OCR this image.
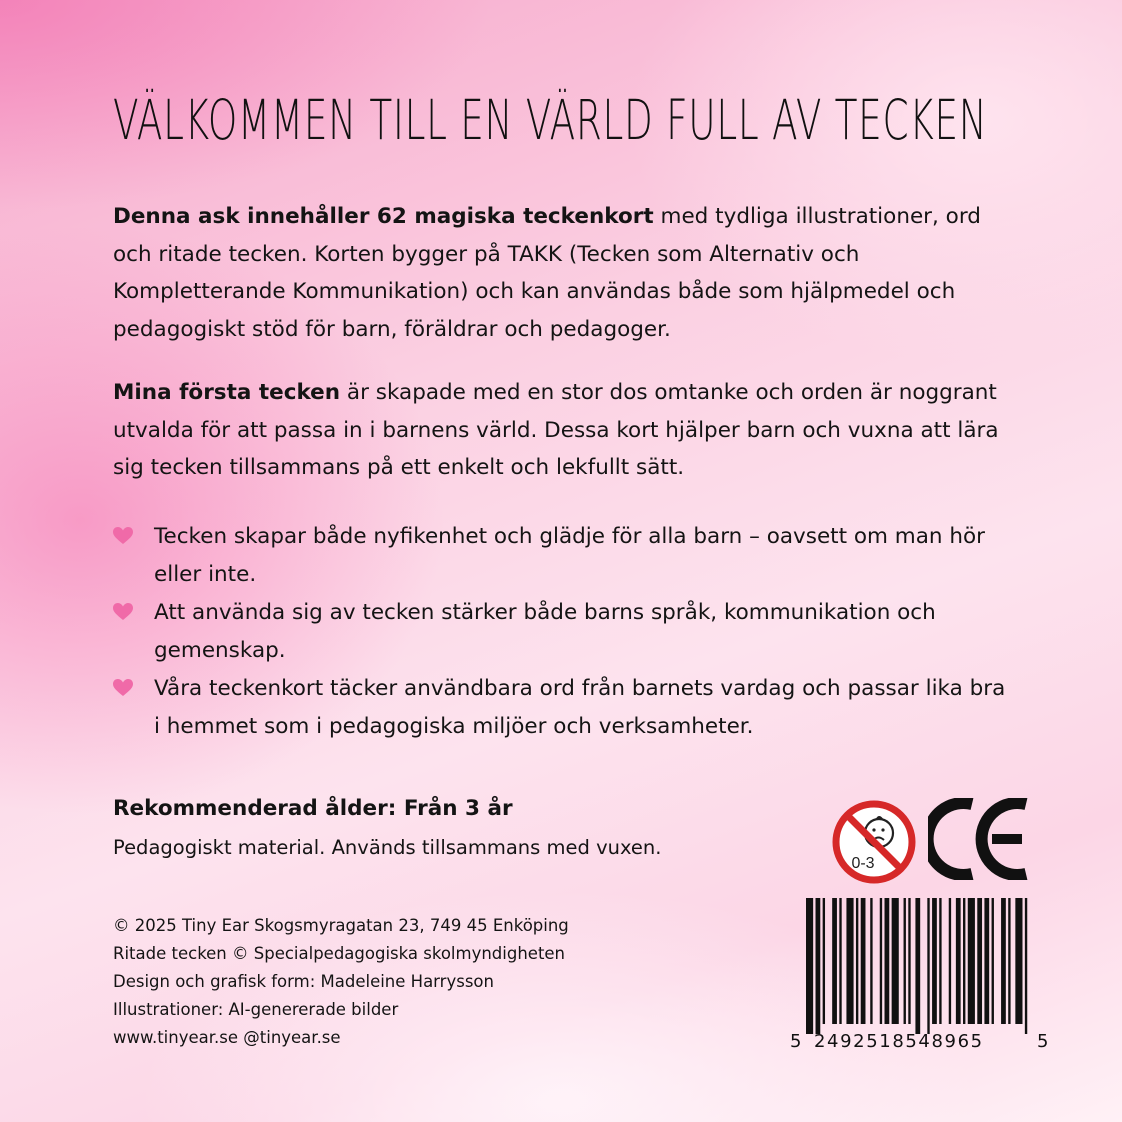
VÄLKOMMEN TILL EN VÄRLD FULL AV TECKEN

Denna ask innehåller 62 magiska teckenkort med tydliga illustrationer, ord och ritade tecken. Korten bygger på TAKK (Tecken som Alternativ och Kompletterande Kommunikation) och kan användas både som hjälpmedel och pedagogiskt stöd för barn, föräldrar och pedagoger.

Mina första tecken är skapade med en stor dos omtanke och orden är noggrant utvalda för att passa in i barnens värld. Dessa kort hjälper barn och vuxna att lära sig tecken tillsammans på ett enkelt och lekfullt sätt.

Tecken skapar både nyfikenhet och glädje för alla barn – oavsett om man hör eller inte.
Att använda sig av tecken stärker både barns språk, kommunikation och gemenskap.
Våra teckenkort täcker användbara ord från barnets vardag och passar lika bra i hemmet som i pedagogiska miljöer och verksamheter.
Rekommenderad ålder: Från 3 år
Pedagogiskt material. Används tillsammans med vuxen.
© 2025 Tiny Ear Skogsmyragatan 23, 749 45 Enköping
Ritade tecken © Specialpedagogiska skolmyndigheten
Design och grafisk form: Madeleine Harrysson
Illustrationer: AI-genererade bilder
www.tinyear.se @tinyear.se
0-3
5 2492518548965	5
